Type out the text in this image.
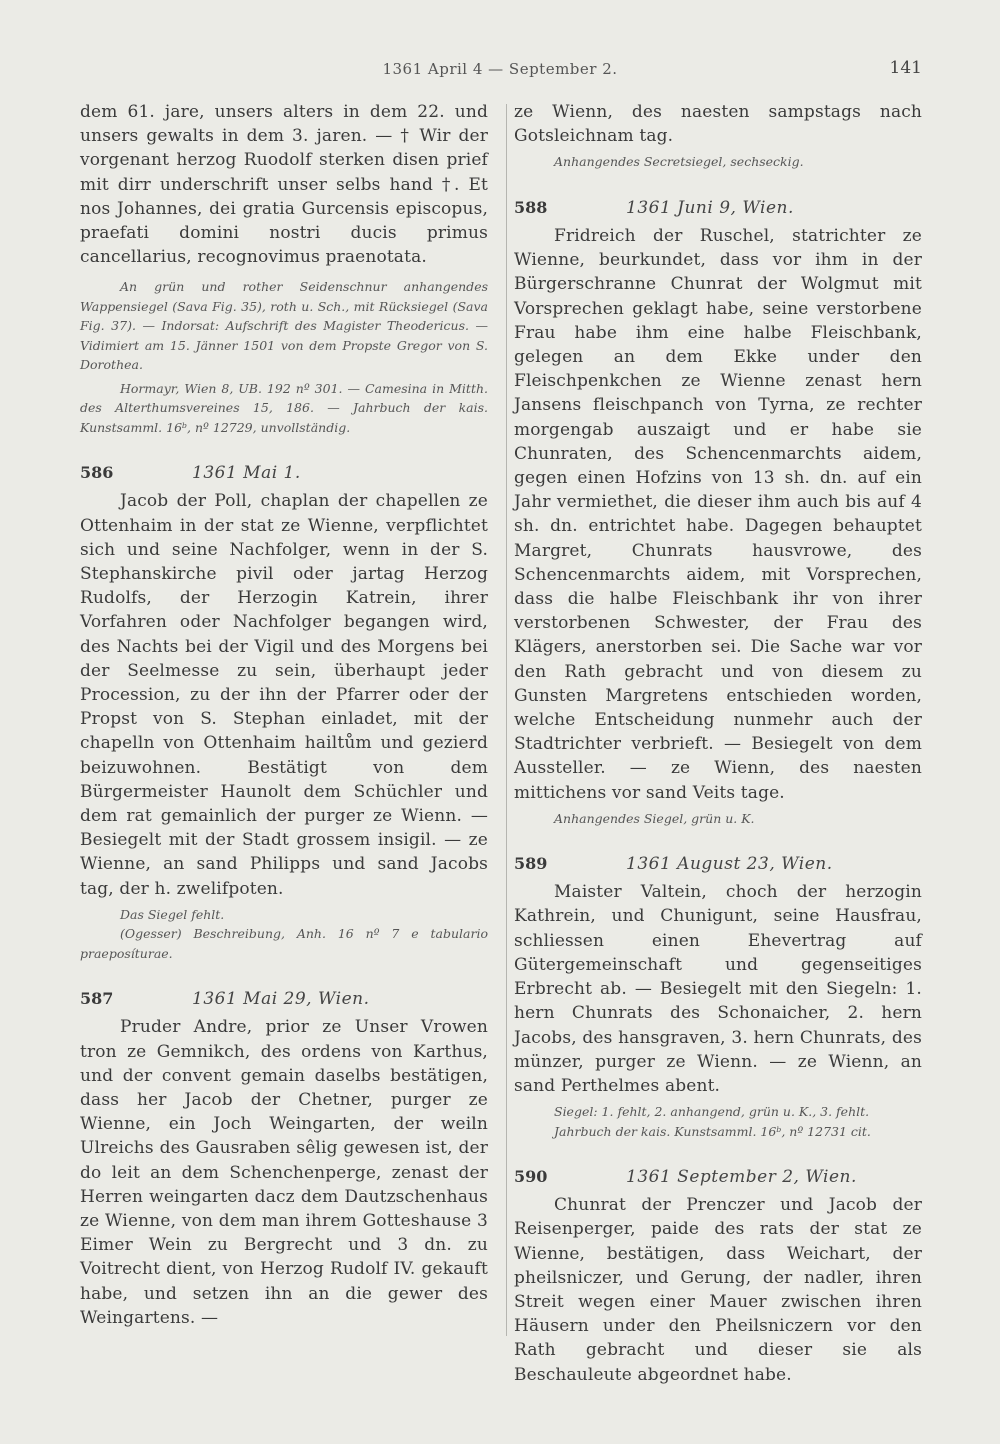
1361 April 4 — September 2.	141

dem 61. jare, unsers alters in dem 22. und unsers gewalts in dem 3. jaren. — † Wir der vorgenant herzog Ruodolf sterken disen prief mit dirr underschrift unser selbs hand †. Et nos Johannes, dei gratia Gurcensis episcopus, praefati domini nostri ducis primus cancellarius, recognovimus praenotata.

An grün und rother Seidenschnur anhangendes Wappensiegel (Sava Fig. 35), roth u. Sch., mit Rücksiegel (Sava Fig. 37). — Indorsat: Aufschrift des Magister Theodericus. — Vidimiert am 15. Jänner 1501 von dem Propste Gregor von S. Dorothea.

Hormayr, Wien 8, UB. 192 nº 301. — Camesina in Mitth. des Alterthumsvereines 15, 186. — Jahrbuch der kais. Kunstsamml. 16ᵇ, nº 12729, unvollständig.

586	1361 Mai 1.

Jacob der Poll, chaplan der chapellen ze Ottenhaim in der stat ze Wienne, verpflichtet sich und seine Nachfolger, wenn in der S. Stephanskirche pivil oder jartag Herzog Rudolfs, der Herzogin Katrein, ihrer Vorfahren oder Nachfolger begangen wird, des Nachts bei der Vigil und des Morgens bei der Seelmesse zu sein, überhaupt jeder Procession, zu der ihn der Pfarrer oder der Propst von S. Stephan einladet, mit der chapelln von Ottenhaim hailtům und gezierd beizuwohnen. Bestätigt von dem Bürgermeister Haunolt dem Schüchler und dem rat gemainlich der purger ze Wienn. — Besiegelt mit der Stadt grossem insigil. — ze Wienne, an sand Philipps und sand Jacobs tag, der h. zwelifpoten.

Das Siegel fehlt.

(Ogesser) Beschreibung, Anh. 16 nº 7 e tabulario praeposíturae.

587	1361 Mai 29, Wien.

Pruder Andre, prior ze Unser Vrowen tron ze Gemnikch, des ordens von Karthus, und der convent gemain daselbs bestätigen, dass her Jacob der Chetner, purger ze Wienne, ein Joch Weingarten, der weiln Ulreichs des Gausraben sêlig gewesen ist, der do leit an dem Schenchenperge, zenast der Herren weingarten dacz dem Dautzschenhaus ze Wienne, von dem man ihrem Gotteshause 3 Eimer Wein zu Bergrecht und 3 dn. zu Voitrecht dient, von Herzog Rudolf IV. gekauft habe, und setzen ihn an die gewer des Weingartens. —

ze Wienn, des naesten sampstags nach Gotsleichnam tag.

Anhangendes Secretsiegel, sechseckig.

588	1361 Juni 9, Wien.

Fridreich der Ruschel, statrichter ze Wienne, beurkundet, dass vor ihm in der Bürgerschranne Chunrat der Wolgmut mit Vorsprechen geklagt habe, seine verstorbene Frau habe ihm eine halbe Fleischbank, gelegen an dem Ekke under den Fleischpenkchen ze Wienne zenast hern Jansens fleischpanch von Tyrna, ze rechter morgengab auszaigt und er habe sie Chunraten, des Schencenmarchts aidem, gegen einen Hofzins von 13 sh. dn. auf ein Jahr vermiethet, die dieser ihm auch bis auf 4 sh. dn. entrichtet habe. Dagegen behauptet Margret, Chunrats hausvrowe, des Schencenmarchts aidem, mit Vorsprechen, dass die halbe Fleischbank ihr von ihrer verstorbenen Schwester, der Frau des Klägers, anerstorben sei. Die Sache war vor den Rath gebracht und von diesem zu Gunsten Margretens entschieden worden, welche Entscheidung nunmehr auch der Stadtrichter verbrieft. — Besiegelt von dem Aussteller. — ze Wienn, des naesten mittichens vor sand Veits tage.

Anhangendes Siegel, grün u. K.

589	1361 August 23, Wien.

Maister Valtein, choch der herzogin Kathrein, und Chunigunt, seine Hausfrau, schliessen einen Ehevertrag auf Gütergemeinschaft und gegenseitiges Erbrecht ab. — Besiegelt mit den Siegeln: 1. hern Chunrats des Schonaicher, 2. hern Jacobs, des hansgraven, 3. hern Chunrats, des münzer, purger ze Wienn. — ze Wienn, an sand Perthelmes abent.

Siegel: 1. fehlt, 2. anhangend, grün u. K., 3. fehlt.

Jahrbuch der kais. Kunstsamml. 16ᵇ, nº 12731 cit.

590	1361 September 2, Wien.

Chunrat der Prenczer und Jacob der Reisenperger, paide des rats der stat ze Wienne, bestätigen, dass Weichart, der pheilsniczer, und Gerung, der nadler, ihren Streit wegen einer Mauer zwischen ihren Häusern under den Pheilsniczern vor den Rath gebracht und dieser sie als Beschauleute abgeordnet habe.
